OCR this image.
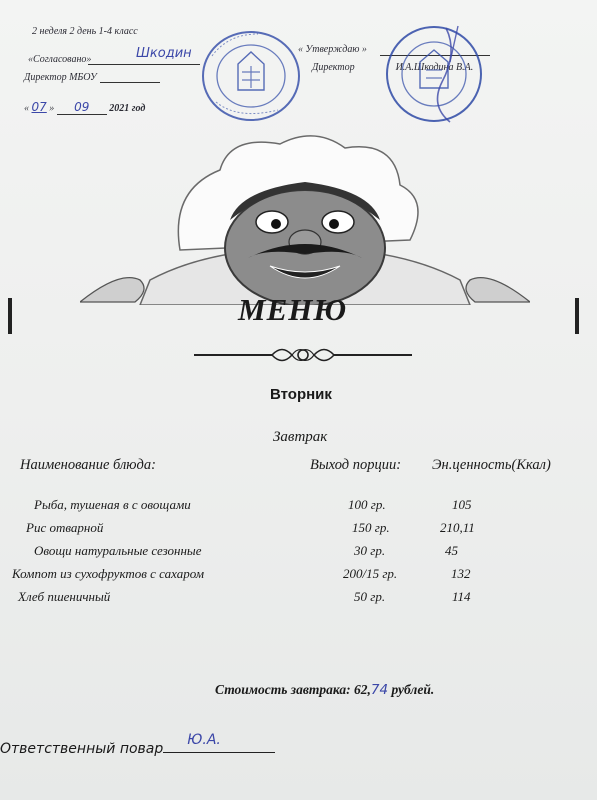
2 неделя 2 день 1-4 класс
«Согласовано»	Шкодин
Директор МБОУ
« 07 » 09 2021 год
« Утверждаю »
Директор	И.А.Шкодина В.А.
МЕНЮ
Вторник
Завтрак
Наименование блюда:	Выход порции: Эн.ценность(Ккал)
Рыба, тушеная в с овощами	100 гр.	105
Рис отварной	150 гр.	210,11
Овощи натуральные сезонные	30 гр.	45
Компот из сухофруктов с сахаром	200/15 гр.	132
Хлеб пшеничный	50 гр.	114
Стоимость завтрака: 62,74 рублей.
Ответственный повар
Ю.А.
